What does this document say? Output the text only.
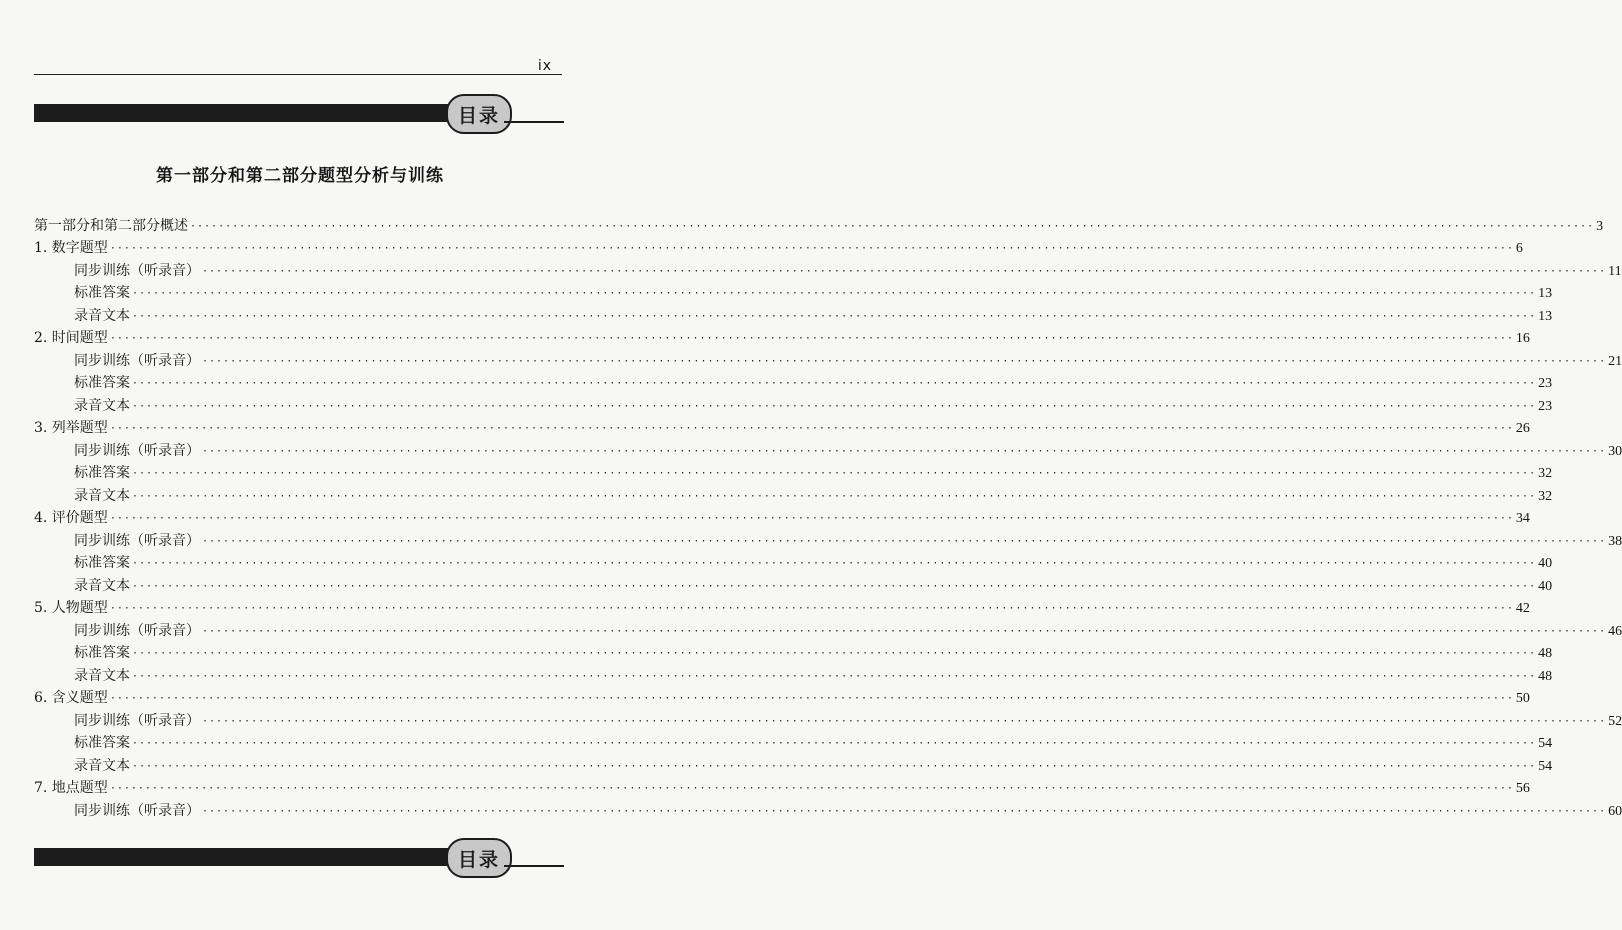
ix
目录
第一部分和第二部分题型分析与训练
第一部分和第二部分概述 ········································································································································································································ 3
1. 数字题型 ········································································································································································································ 6
同步训练（听录音） ········································································································································································································ 11
标准答案 ········································································································································································································ 13
录音文本 ········································································································································································································ 13
2. 时间题型 ········································································································································································································ 16
同步训练（听录音） ········································································································································································································ 21
标准答案 ········································································································································································································ 23
录音文本 ········································································································································································································ 23
3. 列举题型 ········································································································································································································ 26
同步训练（听录音） ········································································································································································································ 30
标准答案 ········································································································································································································ 32
录音文本 ········································································································································································································ 32
4. 评价题型 ········································································································································································································ 34
同步训练（听录音） ········································································································································································································ 38
标准答案 ········································································································································································································ 40
录音文本 ········································································································································································································ 40
5. 人物题型 ········································································································································································································ 42
同步训练（听录音） ········································································································································································································ 46
标准答案 ········································································································································································································ 48
录音文本 ········································································································································································································ 48
6. 含义题型 ········································································································································································································ 50
同步训练（听录音） ········································································································································································································ 52
标准答案 ········································································································································································································ 54
录音文本 ········································································································································································································ 54
7. 地点题型 ········································································································································································································ 56
同步训练（听录音） ········································································································································································································ 60
目录
